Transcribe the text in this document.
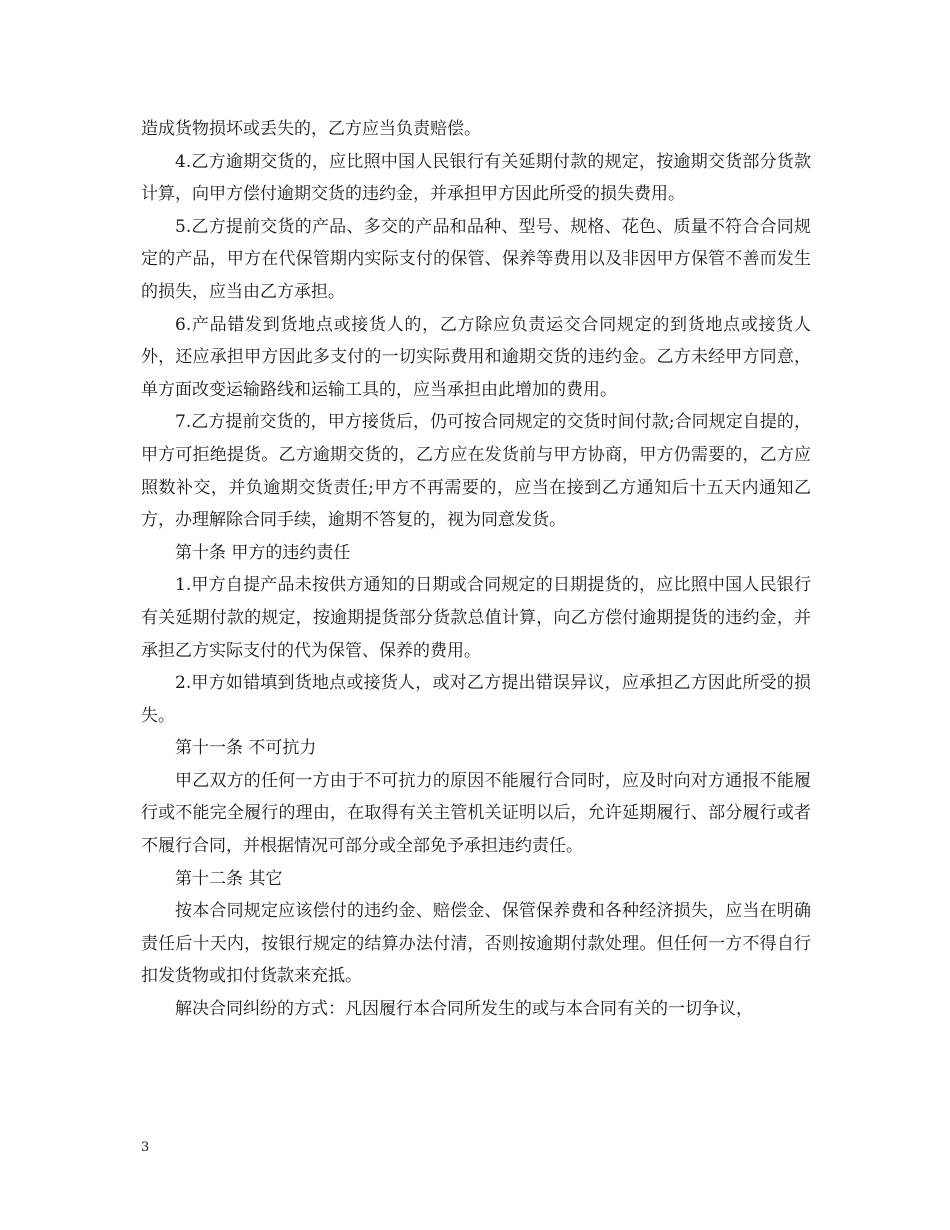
造成货物损坏或丢失的，乙方应当负责赔偿。

4.乙方逾期交货的，应比照中国人民银行有关延期付款的规定，按逾期交货部分货款计算，向甲方偿付逾期交货的违约金，并承担甲方因此所受的损失费用。

5.乙方提前交货的产品、多交的产品和品种、型号、规格、花色、质量不符合合同规定的产品，甲方在代保管期内实际支付的保管、保养等费用以及非因甲方保管不善而发生的损失，应当由乙方承担。

6.产品错发到货地点或接货人的，乙方除应负责运交合同规定的到货地点或接货人外，还应承担甲方因此多支付的一切实际费用和逾期交货的违约金。乙方未经甲方同意，单方面改变运输路线和运输工具的，应当承担由此增加的费用。

7.乙方提前交货的，甲方接货后，仍可按合同规定的交货时间付款;合同规定自提的，甲方可拒绝提货。乙方逾期交货的，乙方应在发货前与甲方协商，甲方仍需要的，乙方应照数补交，并负逾期交货责任;甲方不再需要的，应当在接到乙方通知后十五天内通知乙方，办理解除合同手续，逾期不答复的，视为同意发货。

第十条 甲方的违约责任

1.甲方自提产品未按供方通知的日期或合同规定的日期提货的，应比照中国人民银行有关延期付款的规定，按逾期提货部分货款总值计算，向乙方偿付逾期提货的违约金，并承担乙方实际支付的代为保管、保养的费用。

2.甲方如错填到货地点或接货人，或对乙方提出错误异议，应承担乙方因此所受的损失。

第十一条 不可抗力

甲乙双方的任何一方由于不可抗力的原因不能履行合同时，应及时向对方通报不能履行或不能完全履行的理由，在取得有关主管机关证明以后，允许延期履行、部分履行或者不履行合同，并根据情况可部分或全部免予承担违约责任。

第十二条 其它

按本合同规定应该偿付的违约金、赔偿金、保管保养费和各种经济损失，应当在明确责任后十天内，按银行规定的结算办法付清，否则按逾期付款处理。但任何一方不得自行扣发货物或扣付货款来充抵。

解决合同纠纷的方式：凡因履行本合同所发生的或与本合同有关的一切争议，

3
